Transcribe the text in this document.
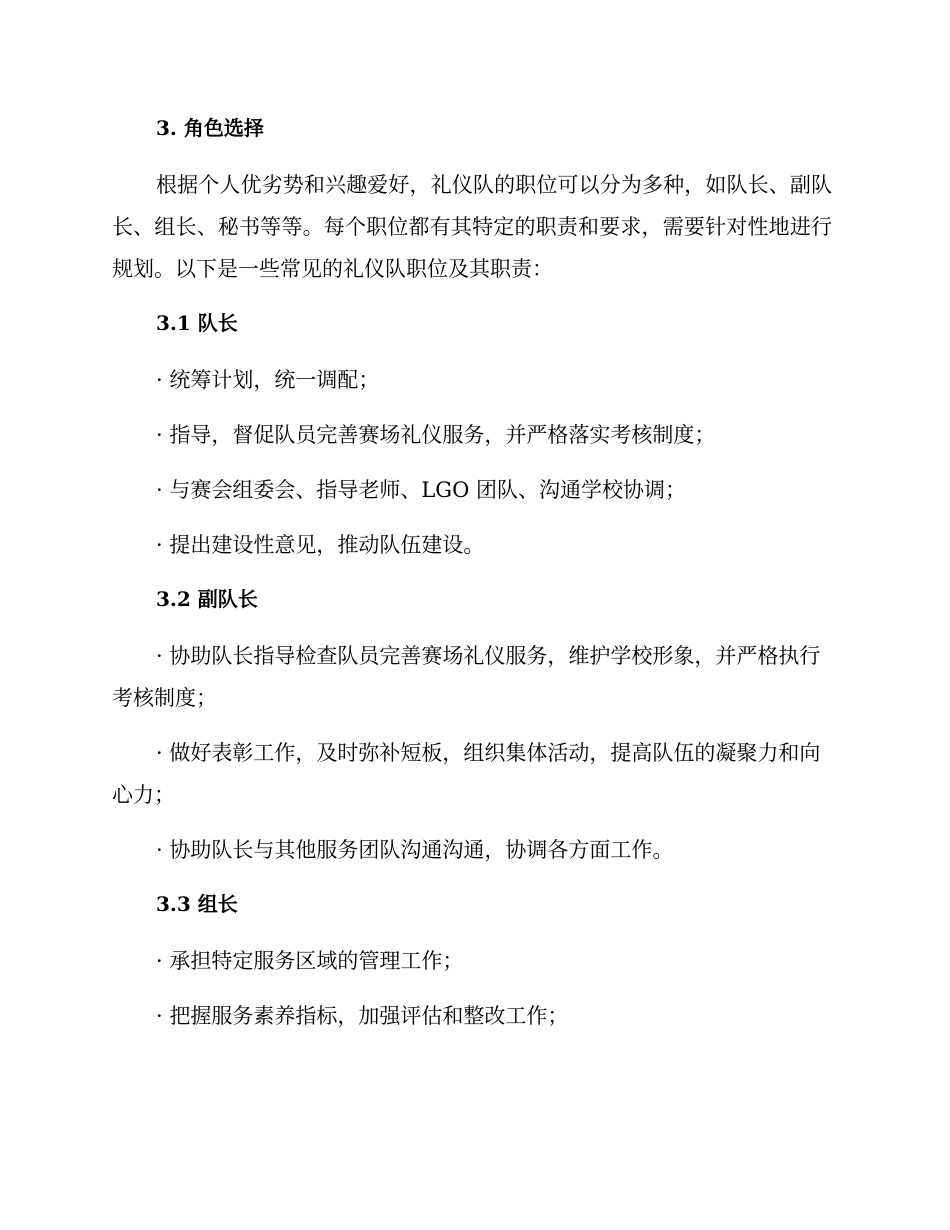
3. 角色选择

根据个人优劣势和兴趣爱好，礼仪队的职位可以分为多种，如队长、副队长、组长、秘书等等。每个职位都有其特定的职责和要求，需要针对性地进行规划。以下是一些常见的礼仪队职位及其职责：

3.1 队长

· 统筹计划，统一调配；

· 指导，督促队员完善赛场礼仪服务，并严格落实考核制度；

· 与赛会组委会、指导老师、LGO 团队、沟通学校协调；

· 提出建设性意见，推动队伍建设。

3.2 副队长

· 协助队长指导检查队员完善赛场礼仪服务，维护学校形象，并严格执行考核制度；

· 做好表彰工作，及时弥补短板，组织集体活动，提高队伍的凝聚力和向心力；

· 协助队长与其他服务团队沟通沟通，协调各方面工作。

3.3 组长

· 承担特定服务区域的管理工作；

· 把握服务素养指标，加强评估和整改工作；
